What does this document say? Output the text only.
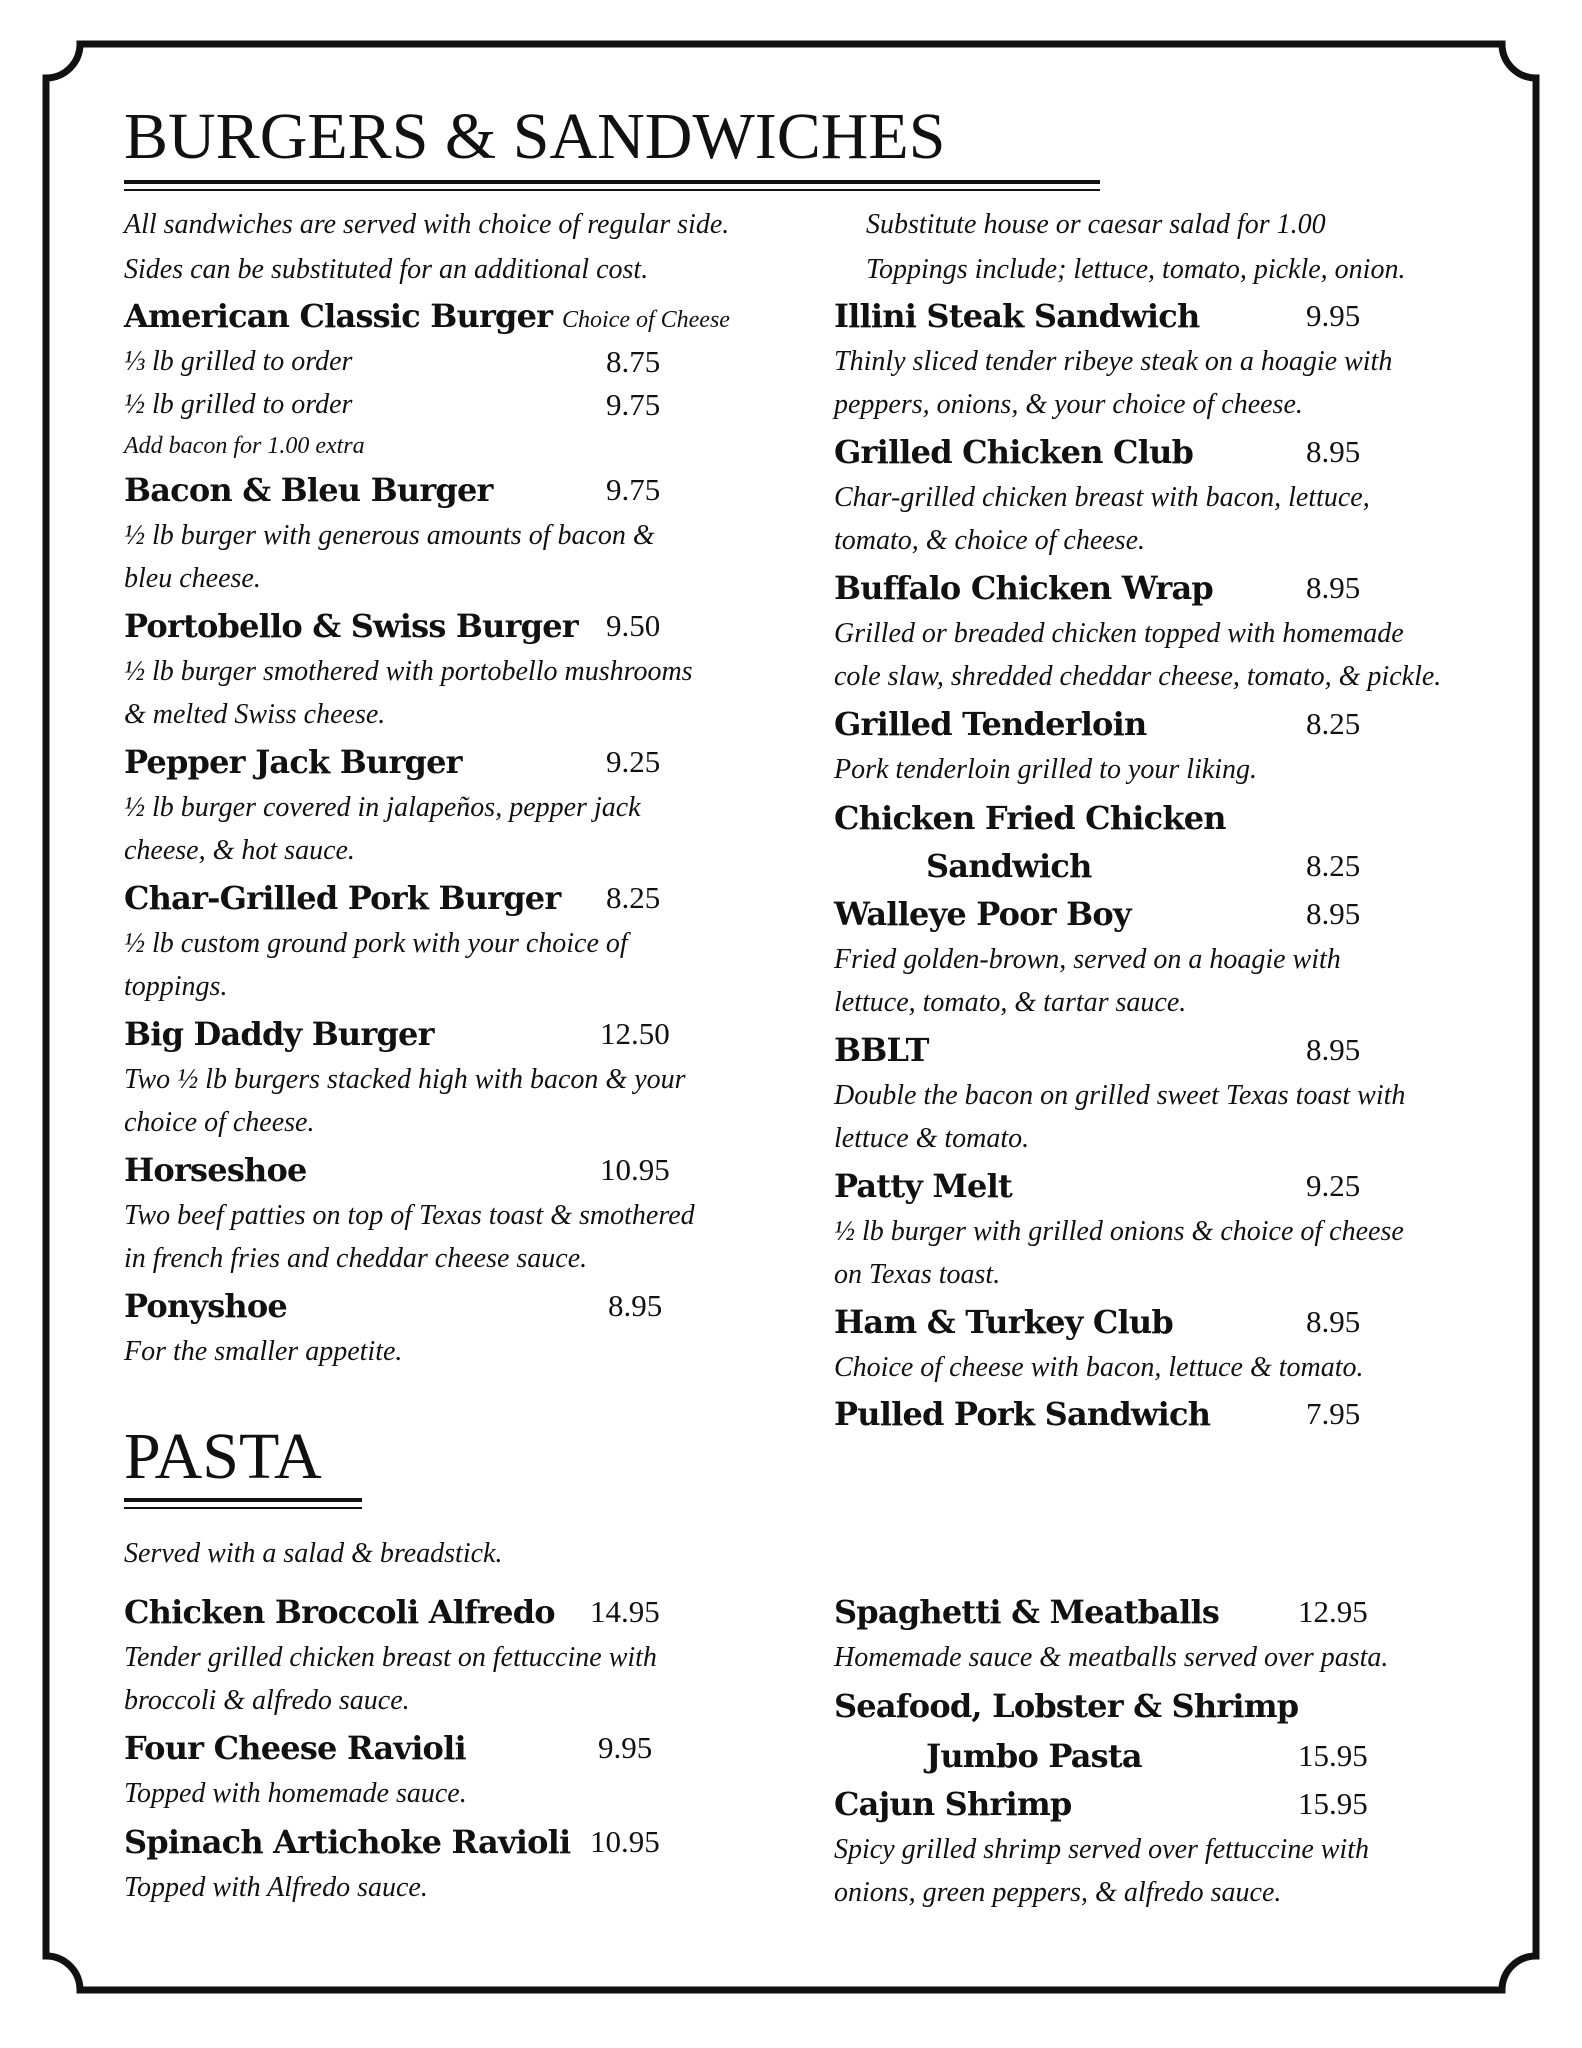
BURGERS & SANDWICHES
All sandwiches are served with choice of regular side.
Sides can be substituted for an additional cost.
Substitute house or caesar salad for 1.00
Toppings include; lettuce, tomato, pickle, onion.
American Classic Burger Choice of Cheese
⅓ lb grilled to order	8.75
½ lb grilled to order	9.75
Add bacon for 1.00 extra
Bacon & Bleu Burger	9.75
½ lb burger with generous amounts of bacon &
bleu cheese.
Portobello & Swiss Burger 9.50
½ lb burger smothered with portobello mushrooms
& melted Swiss cheese.
Pepper Jack Burger	9.25
½ lb burger covered in jalapeños, pepper jack
cheese, & hot sauce.
Char-Grilled Pork Burger 8.25
½ lb custom ground pork with your choice of
toppings.
Big Daddy Burger	12.50
Two ½ lb burgers stacked high with bacon & your
choice of cheese.
Horseshoe	10.95
Two beef patties on top of Texas toast & smothered
in french fries and cheddar cheese sauce.
Ponyshoe	8.95
For the smaller appetite.
Illini Steak Sandwich	9.95
Thinly sliced tender ribeye steak on a hoagie with
peppers, onions, & your choice of cheese.
Grilled Chicken Club	8.95
Char-grilled chicken breast with bacon, lettuce,
tomato, & choice of cheese.
Buffalo Chicken Wrap	8.95
Grilled or breaded chicken topped with homemade
cole slaw, shredded cheddar cheese, tomato, & pickle.
Grilled Tenderloin	8.25
Pork tenderloin grilled to your liking.
Chicken Fried Chicken
Sandwich	8.25
Walleye Poor Boy	8.95
Fried golden-brown, served on a hoagie with
lettuce, tomato, & tartar sauce.
BBLT	8.95
Double the bacon on grilled sweet Texas toast with
lettuce & tomato.
Patty Melt	9.25
½ lb burger with grilled onions & choice of cheese
on Texas toast.
Ham & Turkey Club	8.95
Choice of cheese with bacon, lettuce & tomato.
Pulled Pork Sandwich	7.95
PASTA
Served with a salad & breadstick.
Chicken Broccoli Alfredo 14.95
Tender grilled chicken breast on fettuccine with
broccoli & alfredo sauce.
Four Cheese Ravioli	9.95
Topped with homemade sauce.
Spinach Artichoke Ravioli 10.95
Topped with Alfredo sauce.
Spaghetti & Meatballs	12.95
Homemade sauce & meatballs served over pasta.
Seafood, Lobster & Shrimp
Jumbo Pasta	15.95
Cajun Shrimp	15.95
Spicy grilled shrimp served over fettuccine with
onions, green peppers, & alfredo sauce.
